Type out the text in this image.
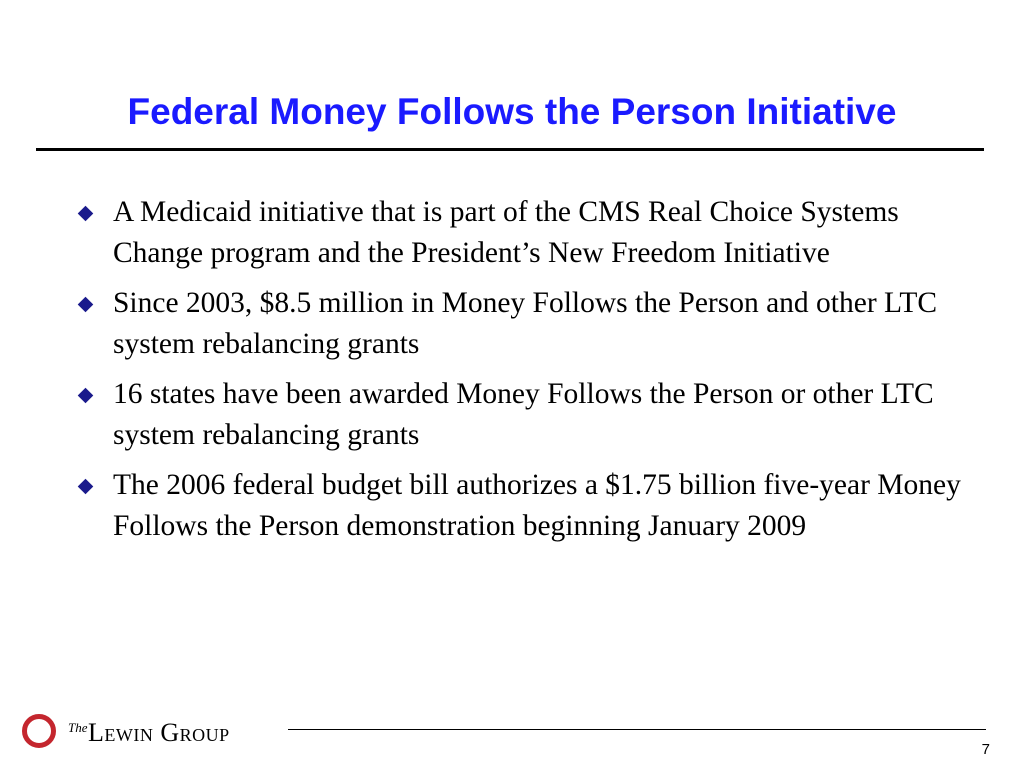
Federal Money Follows the Person Initiative
A Medicaid initiative that is part of the CMS Real Choice Systems Change program and the President’s New Freedom Initiative
Since 2003, $8.5 million in Money Follows the Person and other LTC system rebalancing grants
16 states have been awarded Money Follows the Person or other LTC system rebalancing grants
The 2006 federal budget bill authorizes a $1.75 billion five-year Money Follows the Person demonstration beginning January 2009
The Lewin Group
7
